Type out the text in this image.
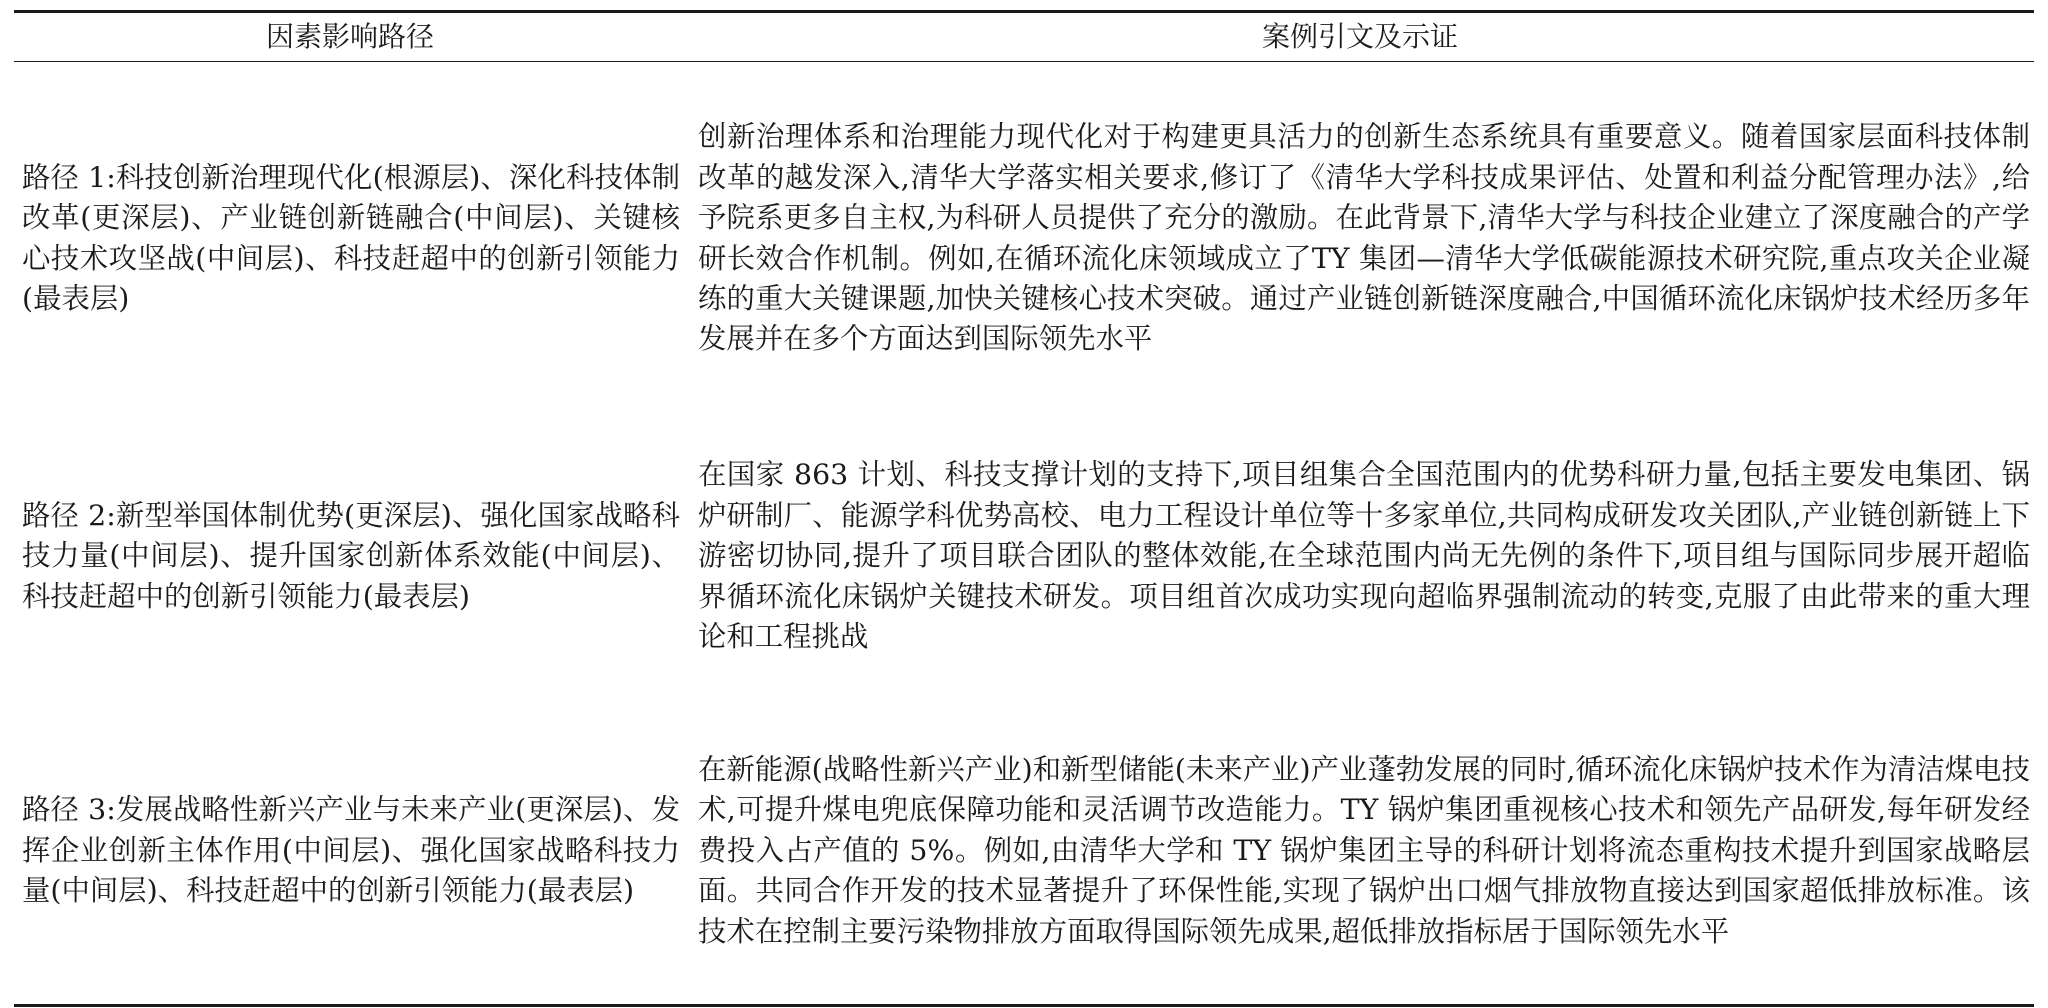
因素影响路径	案例引文及示证
路径 1:科技创新治理现代化(根源层)、深化科技体制改革(更深层)、产业链创新链融合(中间层)、关键核心技术攻坚战(中间层)、科技赶超中的创新引领能力(最表层)	创新治理体系和治理能力现代化对于构建更具活力的创新生态系统具有重要意义。随着国家层面科技体制改革的越发深入,清华大学落实相关要求,修订了《清华大学科技成果评估、处置和利益分配管理办法》,给予院系更多自主权,为科研人员提供了充分的激励。在此背景下,清华大学与科技企业建立了深度融合的产学研长效合作机制。例如,在循环流化床领域成立了TY 集团—清华大学低碳能源技术研究院,重点攻关企业凝练的重大关键课题,加快关键核心技术突破。通过产业链创新链深度融合,中国循环流化床锅炉技术经历多年发展并在多个方面达到国际领先水平
路径 2:新型举国体制优势(更深层)、强化国家战略科技力量(中间层)、提升国家创新体系效能(中间层)、科技赶超中的创新引领能力(最表层)	在国家 863 计划、科技支撑计划的支持下,项目组集合全国范围内的优势科研力量,包括主要发电集团、锅炉研制厂、能源学科优势高校、电力工程设计单位等十多家单位,共同构成研发攻关团队,产业链创新链上下游密切协同,提升了项目联合团队的整体效能,在全球范围内尚无先例的条件下,项目组与国际同步展开超临界循环流化床锅炉关键技术研发。项目组首次成功实现向超临界强制流动的转变,克服了由此带来的重大理论和工程挑战
路径 3:发展战略性新兴产业与未来产业(更深层)、发挥企业创新主体作用(中间层)、强化国家战略科技力量(中间层)、科技赶超中的创新引领能力(最表层)	在新能源(战略性新兴产业)和新型储能(未来产业)产业蓬勃发展的同时,循环流化床锅炉技术作为清洁煤电技术,可提升煤电兜底保障功能和灵活调节改造能力。TY 锅炉集团重视核心技术和领先产品研发,每年研发经费投入占产值的 5%。例如,由清华大学和 TY 锅炉集团主导的科研计划将流态重构技术提升到国家战略层面。共同合作开发的技术显著提升了环保性能,实现了锅炉出口烟气排放物直接达到国家超低排放标准。该技术在控制主要污染物排放方面取得国际领先成果,超低排放指标居于国际领先水平
